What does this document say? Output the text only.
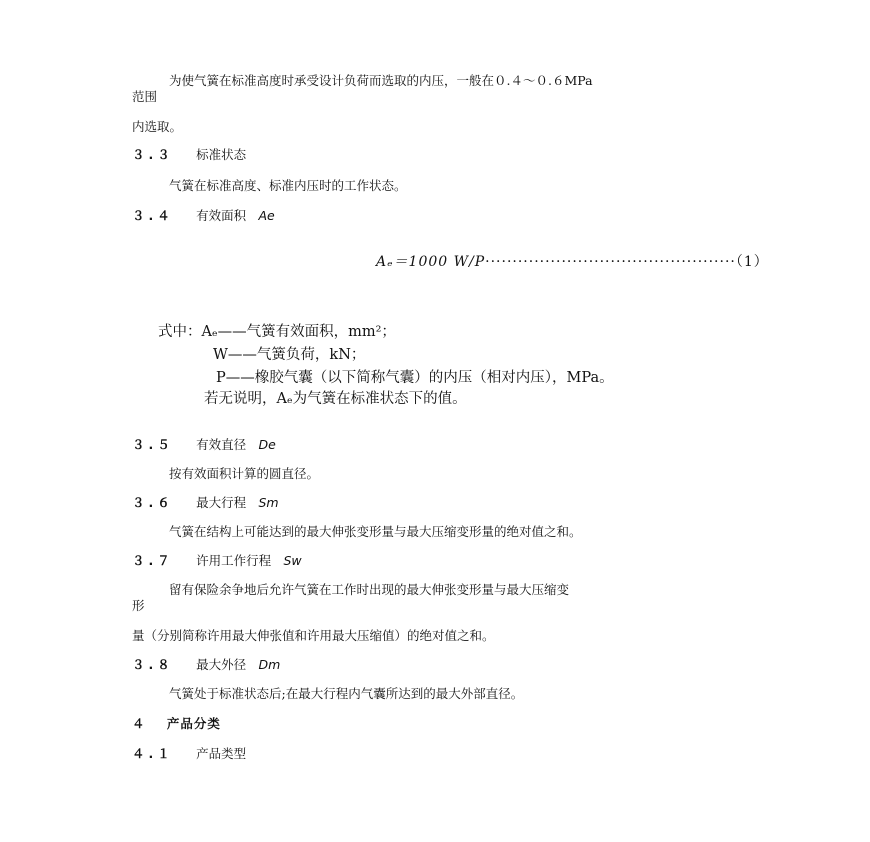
为使气簧在标准高度时承受设计负荷而选取的内压，一般在０.４～０.６MPa
范围
内选取。
３.３ 标准状态
气簧在标准高度、标准内压时的工作状态。
３.４ 有效面积 Ae
Aₑ＝1000 W/P··············································（1）
式中：Aₑ——气簧有效面积，mm²；
W——气簧负荷，kN；
P——橡胶气囊（以下简称气囊）的内压（相对内压），MPa。
若无说明，Aₑ为气簧在标准状态下的值。
３.５ 有效直径 De
按有效面积计算的圆直径。
３.６ 最大行程 Sm
气簧在结构上可能达到的最大伸张变形量与最大压缩变形量的绝对值之和。
３.７ 许用工作行程 Sw
留有保险余争地后允许气簧在工作时出现的最大伸张变形量与最大压缩变
形
量（分别简称许用最大伸张值和许用最大压缩值）的绝对值之和。
３.８ 最大外径 Dm
气簧处于标准状态后;在最大行程内气囊所达到的最大外部直径。
４ 产品分类
４.１ 产品类型
